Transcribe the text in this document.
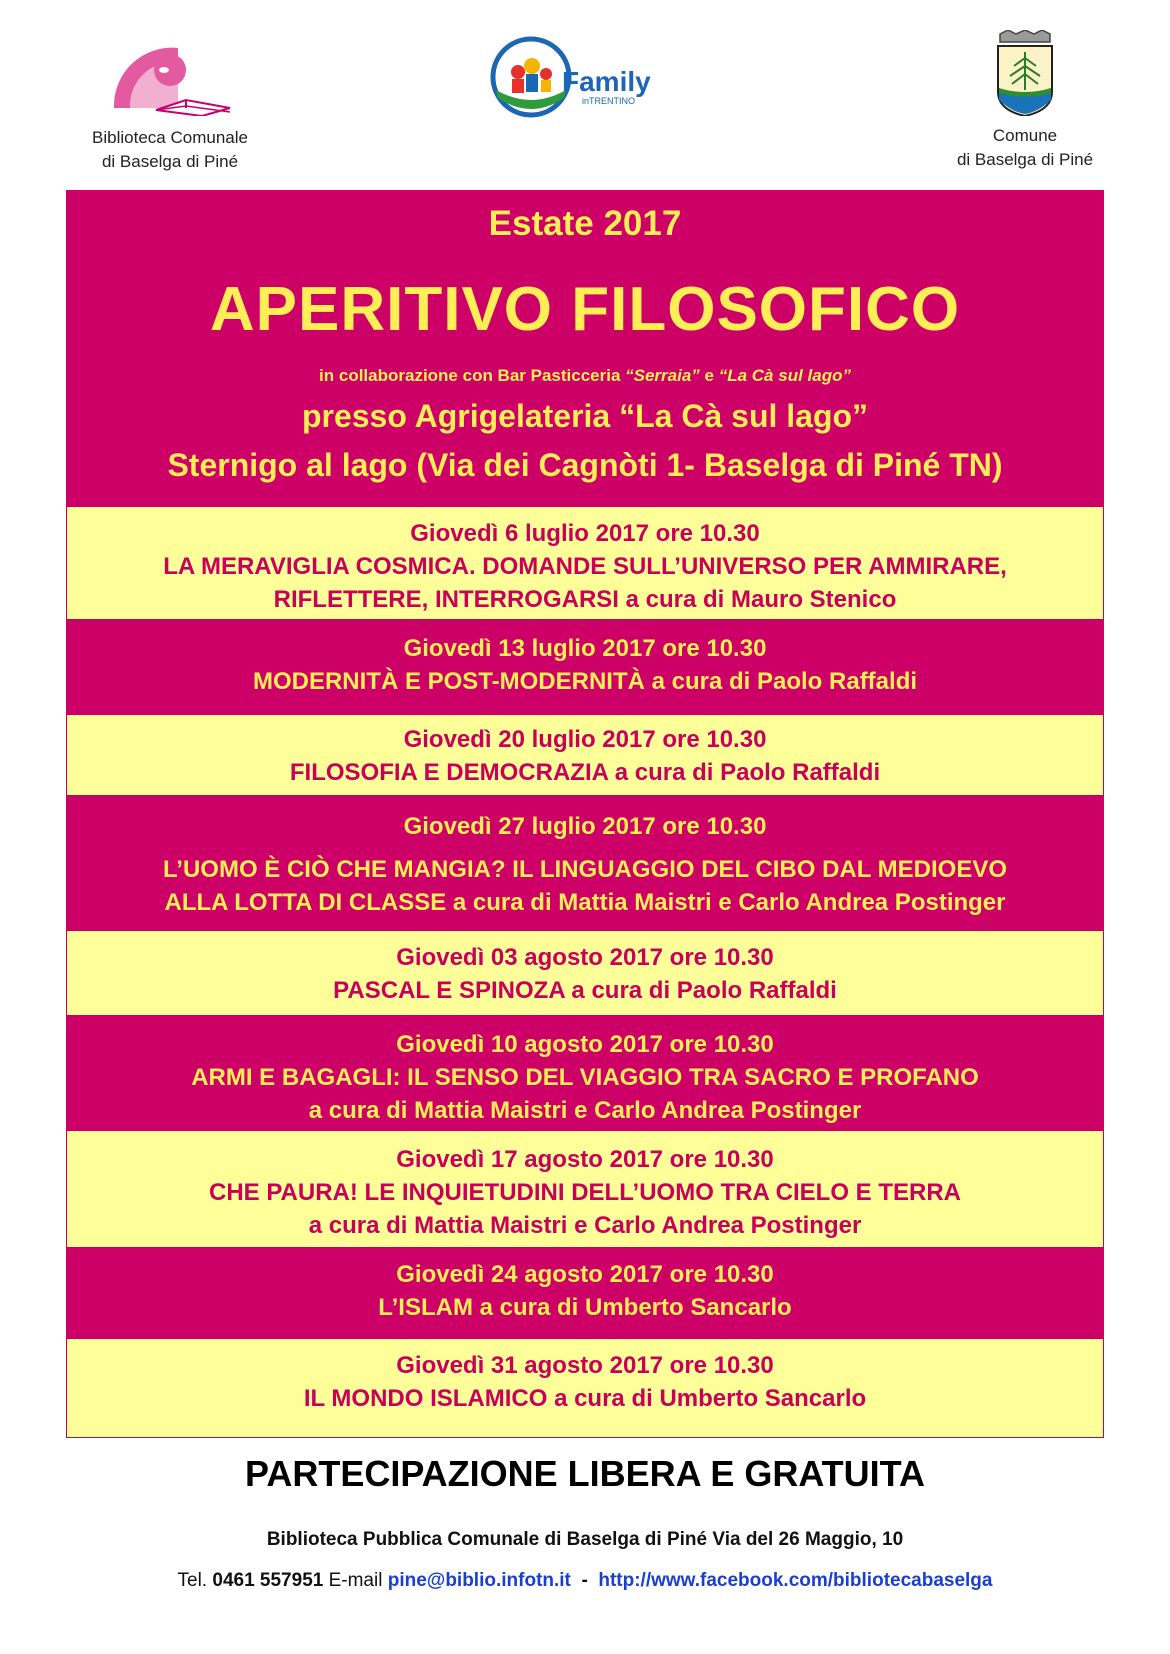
Biblioteca Comunale
di Baselga di Piné
Family
inTRENTINO
Comune
di Baselga di Piné
Estate 2017
APERITIVO FILOSOFICO
in collaborazione con Bar Pasticceria “Serraia” e “La Cà sul lago”
presso Agrigelateria “La Cà sul lago”
Sternigo al lago (Via dei Cagnòti 1- Baselga di Piné TN)
Giovedì 6 luglio 2017 ore 10.30
LA MERAVIGLIA COSMICA. DOMANDE SULL’UNIVERSO PER AMMIRARE,
RIFLETTERE, INTERROGARSI a cura di Mauro Stenico
Giovedì 13 luglio 2017 ore 10.30
MODERNITÀ E POST-MODERNITÀ a cura di Paolo Raffaldi
Giovedì 20 luglio 2017 ore 10.30
FILOSOFIA E DEMOCRAZIA a cura di Paolo Raffaldi
Giovedì 27 luglio 2017 ore 10.30
L’UOMO È CIÒ CHE MANGIA? IL LINGUAGGIO DEL CIBO DAL MEDIOEVO
ALLA LOTTA DI CLASSE a cura di Mattia Maistri e Carlo Andrea Postinger
Giovedì 03 agosto 2017 ore 10.30
PASCAL E SPINOZA a cura di Paolo Raffaldi
Giovedì 10 agosto 2017 ore 10.30
ARMI E BAGAGLI: IL SENSO DEL VIAGGIO TRA SACRO E PROFANO
a cura di Mattia Maistri e Carlo Andrea Postinger
Giovedì 17 agosto 2017 ore 10.30
CHE PAURA! LE INQUIETUDINI DELL’UOMO TRA CIELO E TERRA
a cura di Mattia Maistri e Carlo Andrea Postinger
Giovedì 24 agosto 2017 ore 10.30
L’ISLAM a cura di Umberto Sancarlo
Giovedì 31 agosto 2017 ore 10.30
IL MONDO ISLAMICO a cura di Umberto Sancarlo
PARTECIPAZIONE LIBERA E GRATUITA
Biblioteca Pubblica Comunale di Baselga di Piné Via del 26 Maggio, 10
Tel. 0461 557951 E-mail pine@biblio.infotn.it  -  http://www.facebook.com/bibliotecabaselga
